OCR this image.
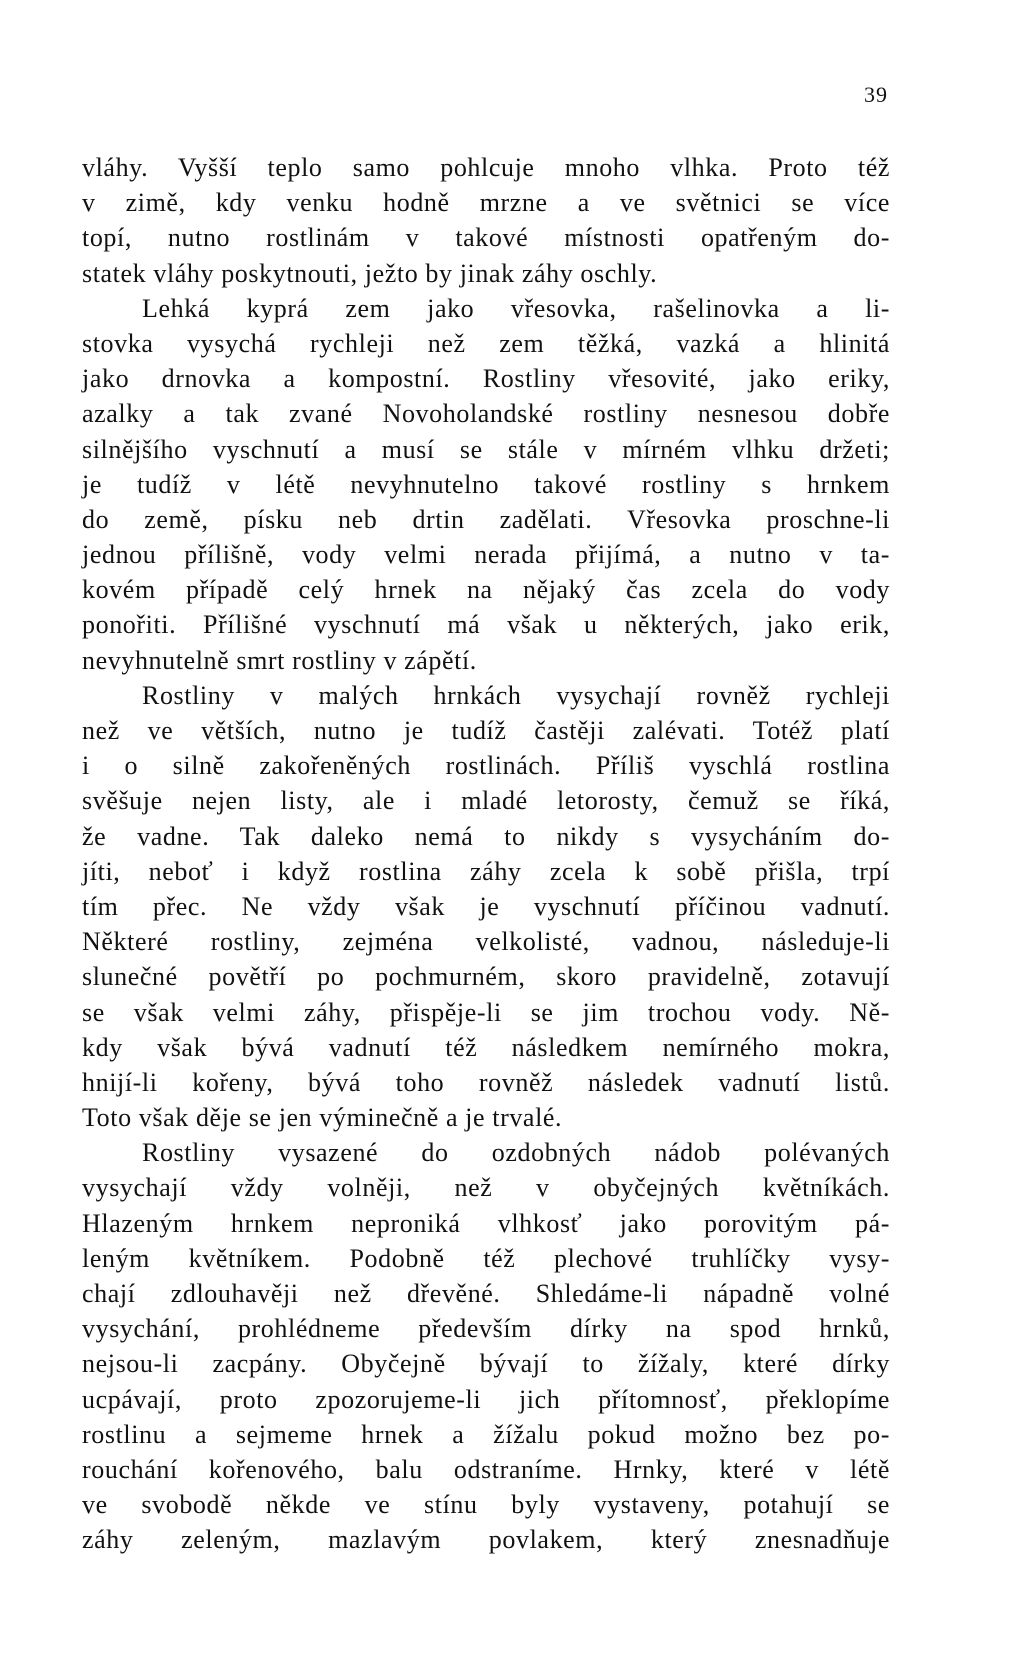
39
vláhy. Vyšší teplo samo pohlcuje mnoho vlhka. Proto též
v zimě, kdy venku hodně mrzne a ve světnici se více
topí, nutno rostlinám v takové místnosti opatřeným do-
statek vláhy poskytnouti, ježto by jinak záhy oschly.
Lehká kyprá zem jako vřesovka, rašelinovka a li-
stovka vysychá rychleji než zem těžká, vazká a hlinitá
jako drnovka a kompostní. Rostliny vřesovité, jako eriky,
azalky a tak zvané Novoholandské rostliny nesnesou dobře
silnějšího vyschnutí a musí se stále v mírném vlhku držeti;
je tudíž v létě nevyhnutelno takové rostliny s hrnkem
do země, písku neb drtin zadělati. Vřesovka proschne-li
jednou přílišně, vody velmi nerada přijímá, a nutno v ta-
kovém případě celý hrnek na nějaký čas zcela do vody
ponořiti. Přílišné vyschnutí má však u některých, jako erik,
nevyhnutelně smrt rostliny v zápětí.
Rostliny v malých hrnkách vysychají rovněž rychleji
než ve větších, nutno je tudíž častěji zalévati. Totéž platí
i o silně zakořeněných rostlinách. Příliš vyschlá rostlina
svěšuje nejen listy, ale i mladé letorosty, čemuž se říká,
že vadne. Tak daleko nemá to nikdy s vysycháním do-
jíti, neboť i když rostlina záhy zcela k sobě přišla, trpí
tím přec. Ne vždy však je vyschnutí příčinou vadnutí.
Některé rostliny, zejména velkolisté, vadnou, následuje-li
slunečné povětří po pochmurném, skoro pravidelně, zotavují
se však velmi záhy, přispěje-li se jim trochou vody. Ně-
kdy však bývá vadnutí též následkem nemírného mokra,
hnijí-li kořeny, bývá toho rovněž následek vadnutí listů.
Toto však děje se jen výminečně a je trvalé.
Rostliny vysazené do ozdobných nádob polévaných
vysychají vždy volněji, než v obyčejných květníkách.
Hlazeným hrnkem neproniká vlhkosť jako porovitým pá-
leným květníkem. Podobně též plechové truhlíčky vysy-
chají zdlouhavěji než dřevěné. Shledáme-li nápadně volné
vysychání, prohlédneme především dírky na spod hrnků,
nejsou-li zacpány. Obyčejně bývají to žížaly, které dírky
ucpávají, proto zpozorujeme-li jich přítomnosť, překlopíme
rostlinu a sejmeme hrnek a žížalu pokud možno bez po-
rouchání kořenového, balu odstraníme. Hrnky, které v létě
ve svobodě někde ve stínu byly vystaveny, potahují se
záhy zeleným, mazlavým povlakem, který znesnadňuje
